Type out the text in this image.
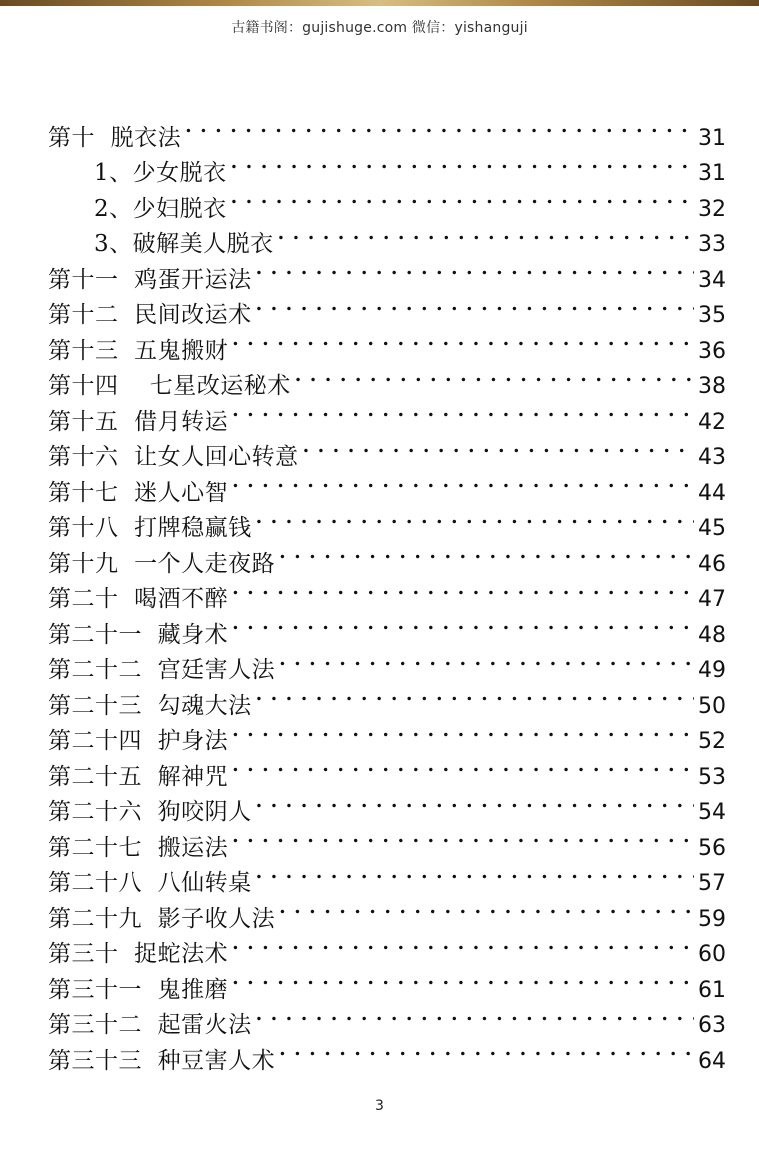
古籍书阁：gujishuge.com 微信：yishanguji
第十  脱衣法 . . .	31
1、少女脱衣 . . .	31
2、少妇脱衣 . . .	32
3、破解美人脱衣 . . .	33
第十一  鸡蛋开运法 . . .	34
第十二  民间改运术 . . .	35
第十三  五鬼搬财 . . .	36
第十四    七星改运秘术 . . .	38
第十五  借月转运 . . .	42
第十六  让女人回心转意 . . .	43
第十七  迷人心智 . . .	44
第十八  打牌稳赢钱 . . .	45
第十九  一个人走夜路 . . .	46
第二十  喝酒不醉 . . .	47
第二十一  藏身术 . . .	48
第二十二  宫廷害人法 . . .	49
第二十三  勾魂大法 . . .	50
第二十四  护身法 . . .	52
第二十五  解神咒 . . .	53
第二十六  狗咬阴人 . . .	54
第二十七  搬运法 . . .	56
第二十八  八仙转桌 . . .	57
第二十九  影子收人法 . . .	59
第三十  捉蛇法术 . . .	60
第三十一  鬼推磨 . . .	61
第三十二  起雷火法 . . .	63
第三十三  种豆害人术 . . .	64
3
